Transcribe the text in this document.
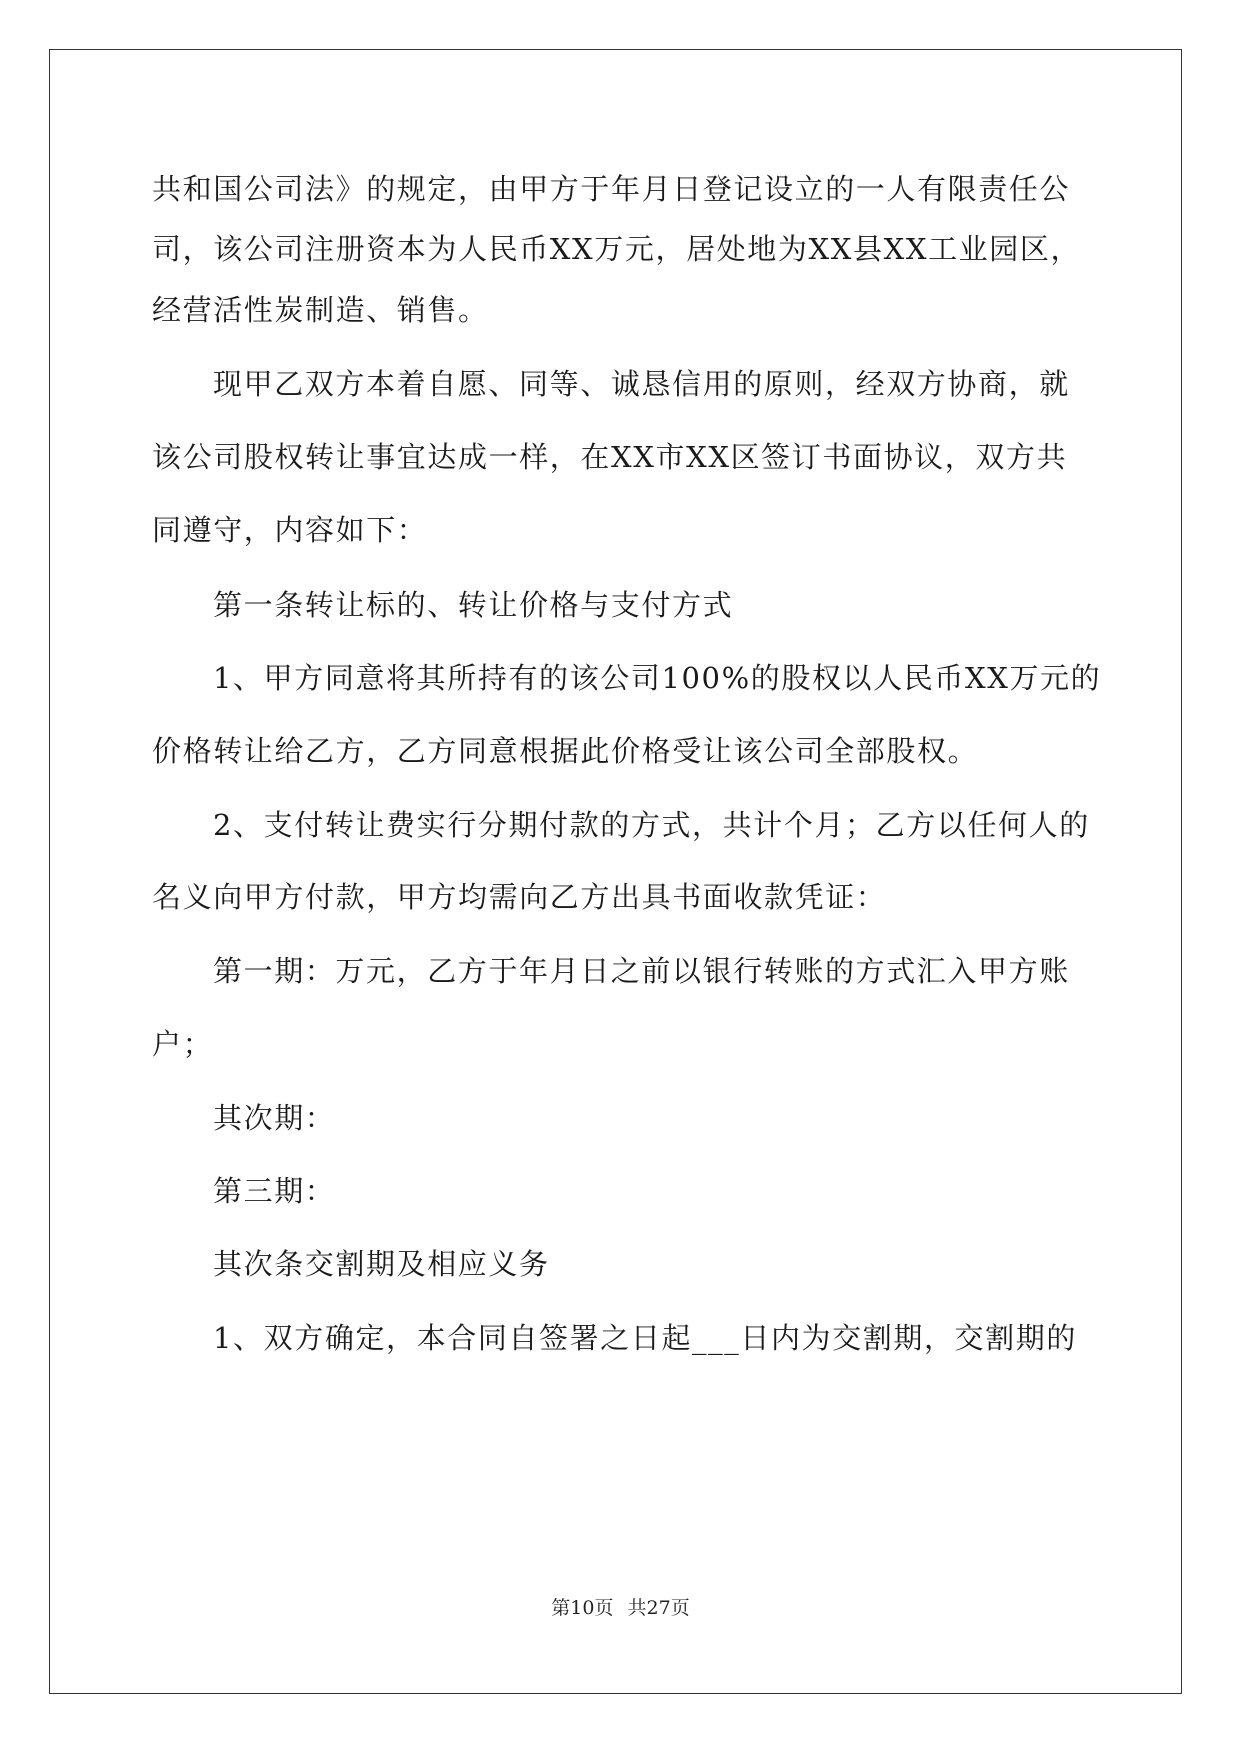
共和国公司法》的规定，由甲方于年月日登记设立的一人有限责任公
司，该公司注册资本为人民币XX万元，居处地为XX县XX工业园区，
经营活性炭制造、销售。
现甲乙双方本着自愿、同等、诚恳信用的原则，经双方协商，就
该公司股权转让事宜达成一样，在XX市XX区签订书面协议，双方共
同遵守，内容如下：
第一条转让标的、转让价格与支付方式
1、甲方同意将其所持有的该公司100%的股权以人民币XX万元的
价格转让给乙方，乙方同意根据此价格受让该公司全部股权。
2、支付转让费实行分期付款的方式，共计个月；乙方以任何人的
名义向甲方付款，甲方均需向乙方出具书面收款凭证：
第一期：万元，乙方于年月日之前以银行转账的方式汇入甲方账
户；
其次期：
第三期：
其次条交割期及相应义务
1、双方确定，本合同自签署之日起___日内为交割期，交割期的
第10页 共27页
